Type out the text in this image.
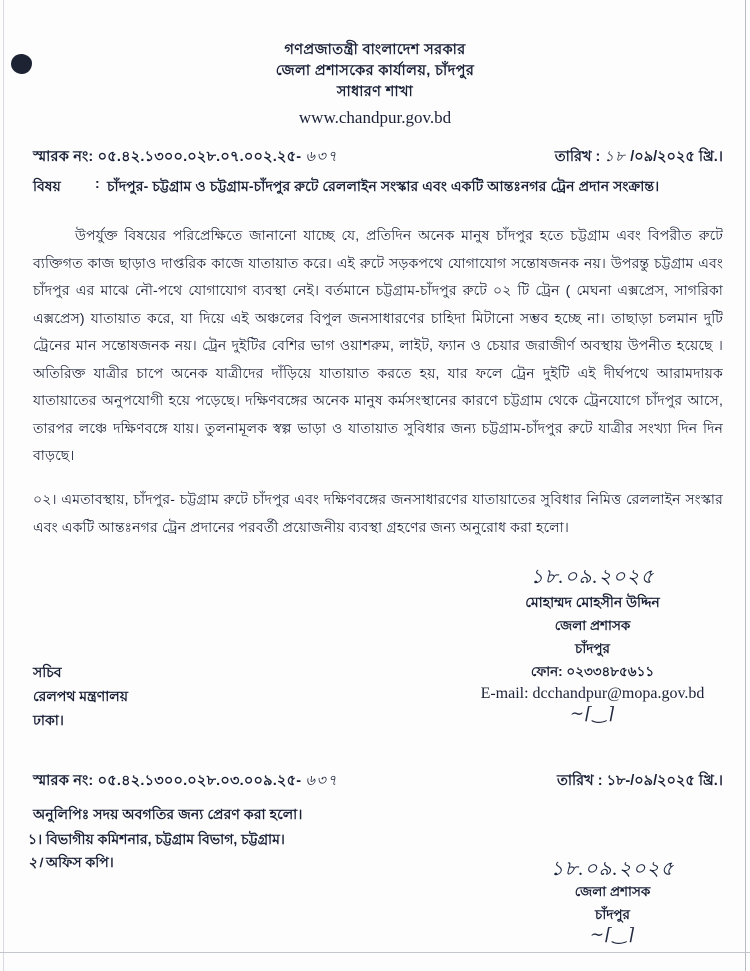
গণপ্রজাতন্ত্রী বাংলাদেশ সরকার
জেলা প্রশাসকের কার্যালয়, চাঁদপুর
সাধারণ শাখা
www.chandpur.gov.bd
স্মারক নং: ০৫.৪২.১৩০০.০২৮.০৭.০০২.২৫- ৬৩৭	তারিখ : ১৮ /০৯/২০২৫ খ্রি.।
বিষয়	: চাঁদপুর- চট্টগ্রাম ও চট্টগ্রাম-চাঁদপুর রুটে রেললাইন সংস্কার এবং একটি আন্তঃনগর ট্রেন প্রদান সংক্রান্ত।
উপর্যুক্ত বিষয়ের পরিপ্রেক্ষিতে জানানো যাচ্ছে যে, প্রতিদিন অনেক মানুষ চাঁদপুর হতে চট্টগ্রাম এবং বিপরীত রুটে ব্যক্তিগত কাজ ছাড়াও দাপ্তরিক কাজে যাতায়াত করে। এই রুটে সড়কপথে যোগাযোগ সন্তোষজনক নয়। উপরন্তু চট্টগ্রাম এবং চাঁদপুর এর মাঝে নৌ-পথে যোগাযোগ ব্যবস্থা নেই। বর্তমানে চট্টগ্রাম-চাঁদপুর রুটে ০২ টি ট্রেন ( মেঘনা এক্সপ্রেস, সাগরিকা এক্সপ্রেস) যাতায়াত করে, যা দিয়ে এই অঞ্চলের বিপুল জনসাধারণের চাহিদা মিটানো সম্ভব হচ্ছে না। তাছাড়া চলমান দুটি ট্রেনের মান সন্তোষজনক নয়। ট্রেন দুইটির বেশির ভাগ ওয়াশরুম, লাইট, ফ্যান ও চেয়ার জরাজীর্ণ অবস্থায় উপনীত হয়েছে । অতিরিক্ত যাত্রীর চাপে অনেক যাত্রীদের দাঁড়িয়ে যাতায়াত করতে হয়, যার ফলে ট্রেন দুইটি এই দীর্ঘপথে আরামদায়ক যাতায়াতের অনুপযোগী হয়ে পড়েছে। দক্ষিণবঙ্গের অনেক মানুষ কর্মসংস্থানের কারণে চট্টগ্রাম থেকে ট্রেনযোগে চাঁদপুর আসে, তারপর লঞ্চে দক্ষিণবঙ্গে যায়। তুলনামূলক স্বল্প ভাড়া ও যাতায়াত সুবিধার জন্য চট্টগ্রাম-চাঁদপুর রুটে যাত্রীর সংখ্যা দিন দিন বাড়ছে।
০২। এমতাবস্থায়, চাঁদপুর- চট্টগ্রাম রুটে চাঁদপুর এবং দক্ষিণবঙ্গের জনসাধারণের যাতায়াতের সুবিধার নিমিত্ত রেললাইন সংস্কার এবং একটি আন্তঃনগর ট্রেন প্রদানের পরবর্তী প্রয়োজনীয় ব্যবস্থা গ্রহণের জন্য অনুরোধ করা হলো।
১৮.০৯.২০২৫
মোহাম্মদ মোহসীন উদ্দিন
জেলা প্রশাসক
চাঁদপুর
ফোন: ০২৩৩৪৮৫৬১১
E-mail: dcchandpur@mopa.gov.bd
∼⌈‿⌉
সচিব
রেলপথ মন্ত্রণালয়
ঢাকা।
স্মারক নং: ০৫.৪২.১৩০০.০২৮.০৩.০০৯.২৫- ৬৩৭	তারিখ : ১৮-/০৯/২০২৫ খ্রি.।
অনুলিপিঃ সদয় অবগতির জন্য প্রেরণ করা হলো।
১। বিভাগীয় কমিশনার, চট্টগ্রাম বিভাগ, চট্টগ্রাম।
২। অফিস কপি।	১৮.০৯.২০২৫
জেলা প্রশাসক
চাঁদপুর
∼⌈‿⌉
